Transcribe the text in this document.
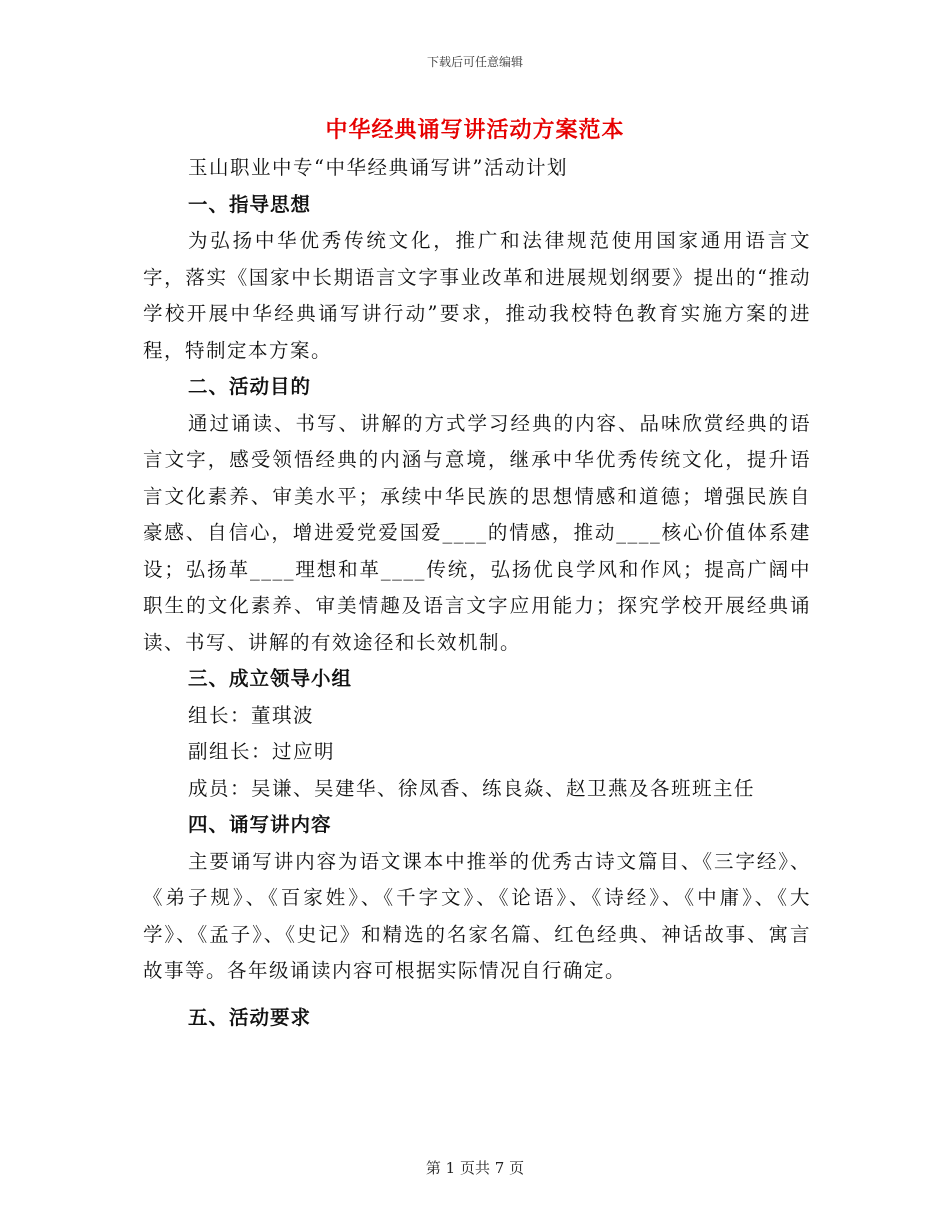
下载后可任意编辑
中华经典诵写讲活动方案范本

玉山职业中专“中华经典诵写讲”活动计划

一、指导思想

为弘扬中华优秀传统文化，推广和法律规范使用国家通用语言文字，落实《国家中长期语言文字事业改革和进展规划纲要》提出的“推动学校开展中华经典诵写讲行动”要求，推动我校特色教育实施方案的进程，特制定本方案。

二、活动目的

通过诵读、书写、讲解的方式学习经典的内容、品味欣赏经典的语言文字，感受领悟经典的内涵与意境，继承中华优秀传统文化，提升语言文化素养、审美水平；承续中华民族的思想情感和道德；增强民族自豪感、自信心，增进爱党爱国爱____的情感，推动____核心价值体系建设；弘扬革____理想和革____传统，弘扬优良学风和作风；提高广阔中职生的文化素养、审美情趣及语言文字应用能力；探究学校开展经典诵读、书写、讲解的有效途径和长效机制。

三、成立领导小组

组长：董琪波

副组长：过应明

成员：吴谦、吴建华、徐凤香、练良焱、赵卫燕及各班班主任

四、诵写讲内容

主要诵写讲内容为语文课本中推举的优秀古诗文篇目、《三字经》、《弟子规》、《百家姓》、《千字文》、《论语》、《诗经》、《中庸》、《大学》、《孟子》、《史记》和精选的名家名篇、红色经典、神话故事、寓言故事等。各年级诵读内容可根据实际情况自行确定。

五、活动要求

第 1 页共 7 页
